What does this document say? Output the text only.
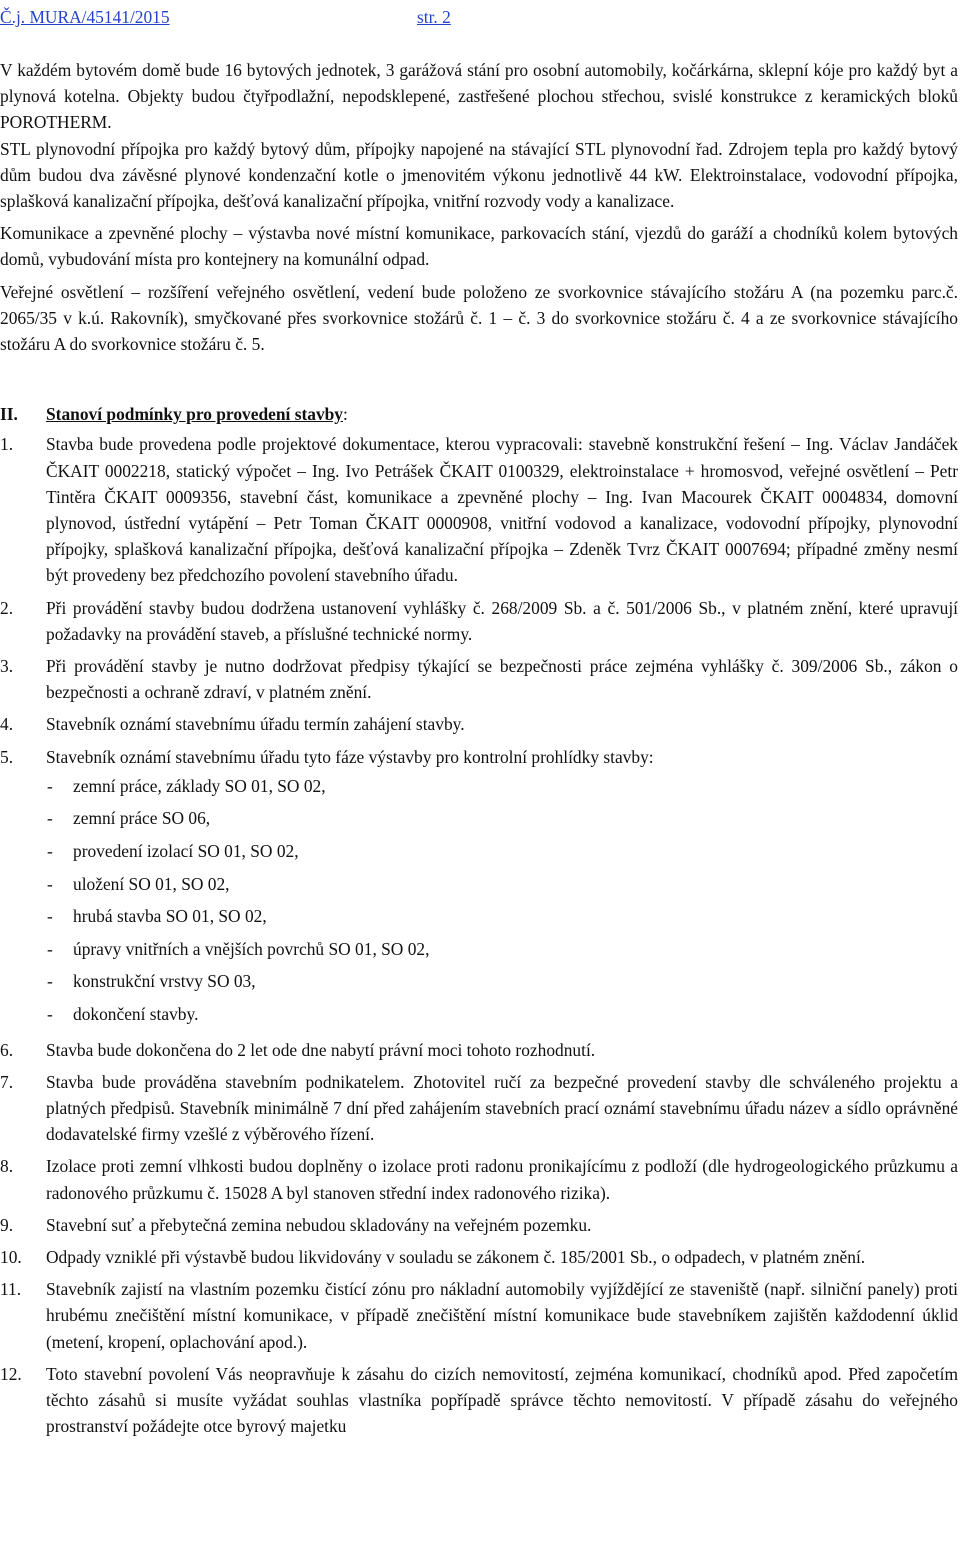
Č.j. MURA/45141/2015	str. 2

V každém bytovém domě bude 16 bytových jednotek, 3 garážová stání pro osobní automobily, kočárkárna, sklepní kóje pro každý byt a plynová kotelna. Objekty budou čtyřpodlažní, nepodsklepené, zastřešené plochou střechou, svislé konstrukce z keramických bloků POROTHERM.

STL plynovodní přípojka pro každý bytový dům, přípojky napojené na stávající STL plynovodní řad. Zdrojem tepla pro každý bytový dům budou dva závěsné plynové kondenzační kotle o jmenovitém výkonu jednotlivě 44 kW. Elektroinstalace, vodovodní přípojka, splašková kanalizační přípojka, dešťová kanalizační přípojka, vnitřní rozvody vody a kanalizace.

Komunikace a zpevněné plochy – výstavba nové místní komunikace, parkovacích stání, vjezdů do garáží a chodníků kolem bytových domů, vybudování místa pro kontejnery na komunální odpad.

Veřejné osvětlení – rozšíření veřejného osvětlení, vedení bude položeno ze svorkovnice stávajícího stožáru A (na pozemku parc.č. 2065/35 v k.ú. Rakovník), smyčkované přes svorkovnice stožárů č. 1 – č. 3 do svorkovnice stožáru č. 4 a ze svorkovnice stávajícího stožáru A do svorkovnice stožáru č. 5.

II.	Stanoví podmínky pro provedení stavby:
1.	Stavba bude provedena podle projektové dokumentace, kterou vypracovali: stavebně konstrukční řešení – Ing. Václav Jandáček ČKAIT 0002218, statický výpočet – Ing. Ivo Petrášek ČKAIT 0100329, elektroinstalace + hromosvod, veřejné osvětlení – Petr Tintěra ČKAIT 0009356, stavební část, komunikace a zpevněné plochy – Ing. Ivan Macourek ČKAIT 0004834, domovní plynovod, ústřední vytápění – Petr Toman ČKAIT 0000908, vnitřní vodovod a kanalizace, vodovodní přípojky, plynovodní přípojky, splašková kanalizační přípojka, dešťová kanalizační přípojka – Zdeněk Tvrz ČKAIT 0007694; případné změny nesmí být provedeny bez předchozího povolení stavebního úřadu.
2.	Při provádění stavby budou dodržena ustanovení vyhlášky č. 268/2009 Sb. a č. 501/2006 Sb., v platném znění, které upravují požadavky na provádění staveb, a příslušné technické normy.
3.	Při provádění stavby je nutno dodržovat předpisy týkající se bezpečnosti práce zejména vyhlášky č. 309/2006 Sb., zákon o bezpečnosti a ochraně zdraví, v platném znění.
4.	Stavebník oznámí stavebnímu úřadu termín zahájení stavby.
5.	Stavebník oznámí stavebnímu úřadu tyto fáze výstavby pro kontrolní prohlídky stavby:
-	zemní práce, základy SO 01, SO 02,
-	zemní práce SO 06,
-	provedení izolací SO 01, SO 02,
-	uložení SO 01, SO 02,
-	hrubá stavba SO 01, SO 02,
-	úpravy vnitřních a vnějších povrchů SO 01, SO 02,
-	konstrukční vrstvy SO 03,
-	dokončení stavby.
6.	Stavba bude dokončena do 2 let ode dne nabytí právní moci tohoto rozhodnutí.
7.	Stavba bude prováděna stavebním podnikatelem. Zhotovitel ručí za bezpečné provedení stavby dle schváleného projektu a platných předpisů. Stavebník minimálně 7 dní před zahájením stavebních prací oznámí stavebnímu úřadu název a sídlo oprávněné dodavatelské firmy vzešlé z výběrového řízení.
8.	Izolace proti zemní vlhkosti budou doplněny o izolace proti radonu pronikajícímu z podloží (dle hydrogeologického průzkumu a radonového průzkumu č. 15028 A byl stanoven střední index radonového rizika).
9.	Stavební suť a přebytečná zemina nebudou skladovány na veřejném pozemku.
10.	Odpady vzniklé při výstavbě budou likvidovány v souladu se zákonem č. 185/2001 Sb., o odpadech, v platném znění.
11.	Stavebník zajistí na vlastním pozemku čistící zónu pro nákladní automobily vyjíždějící ze staveniště (např. silniční panely) proti hrubému znečištění místní komunikace, v případě znečištění místní komunikace bude stavebníkem zajištěn každodenní úklid (metení, kropení, oplachování apod.).
12.	Toto stavební povolení Vás neopravňuje k zásahu do cizích nemovitostí, zejména komunikací, chodníků apod. Před započetím těchto zásahů si musíte vyžádat souhlas vlastníka popřípadě správce těchto nemovitostí. V případě zásahu do veřejného prostranství požádejte otce byrový majetku
